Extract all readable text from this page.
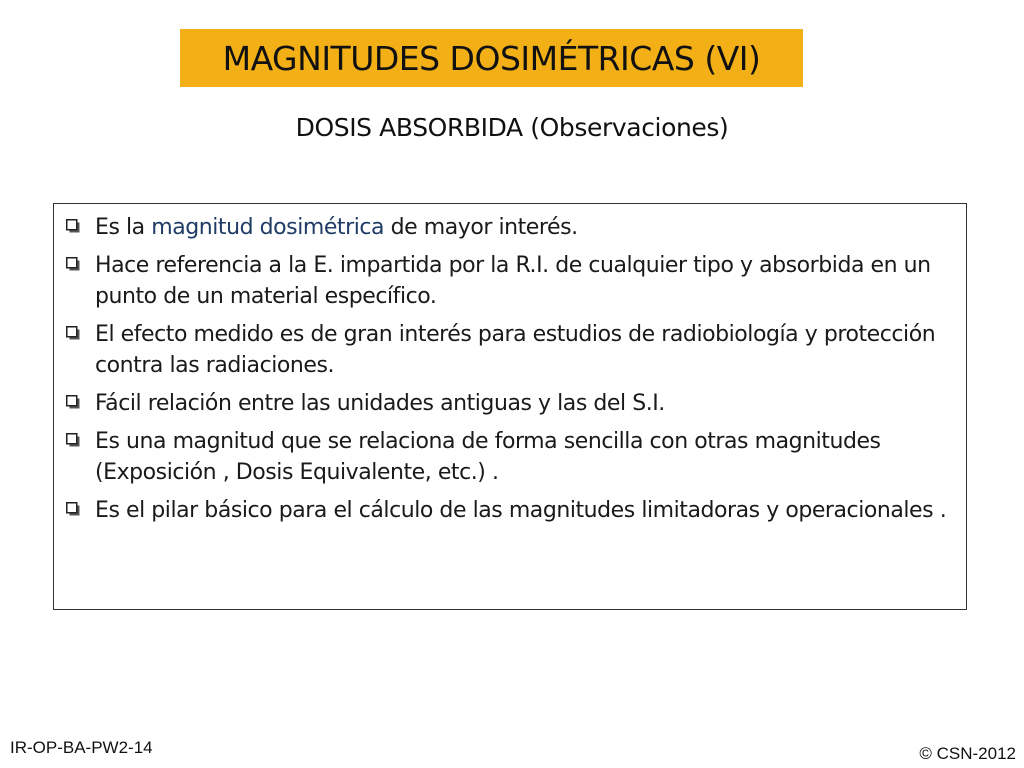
MAGNITUDES DOSIMÉTRICAS (VI)
DOSIS ABSORBIDA (Observaciones)
Es la magnitud dosimétrica de mayor interés.
Hace referencia a la E. impartida por la R.I. de cualquier tipo y absorbida en un punto de un material específico.
El efecto medido es de gran interés para estudios de radiobiología y protección contra las radiaciones.
Fácil relación entre las unidades antiguas y las del S.I.
Es una magnitud que se relaciona de forma sencilla con otras magnitudes (Exposición , Dosis Equivalente, etc.) .
Es el pilar básico para el cálculo de las magnitudes limitadoras y operacionales .
IR-OP-BA-PW2-14	© CSN-2012
